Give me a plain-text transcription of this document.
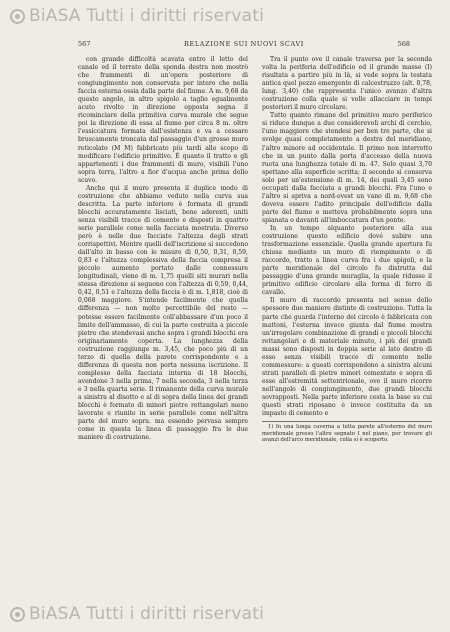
BiASA Tutti i diritti riservati
567	RELAZIONE SUI NUOVI SCAVI	568

con grande difficoltà scavata entro il letto del canale ed il terrato della sponda destra non mostrò che frammenti di un'opera posteriore di congiungimento non conservata per intero che nella faccia esterna ossia dalla parte del fiume. A m. 9,68 da questo angolo, in altro spigolo a taglio egualmente acuto rivolto in direzione opposta segna il ricominciare della primitiva curva murale che segue poi la direzione di essa al fiume per circa 8 m. oltre l'essiccatura formata dall'esistenza e va a cessare bruscamente troncata dal passaggio d'un grosso muro reticolato (M M) fabbricato più tardi allo scopo di modificare l'edificio primitivo. È quanto il tratto e gli appartenenti i due frammenti di muro, visibili l'uno sopra terra, l'altro a fior d'acqua anche prima dello scavo.

Anche qui il muro presenta il duplice modo di costruzione che abbiamo veduto nella curva sua descritta. La parte inferiore è formata di grandi blocchi accuratamente lisciati, bene aderenti, uniti senza visibili tracce di cemento e disposti in quattro serie parallele come nella facciata mostrata. Diverso però è nelle due facciate l'altezza degli strati corrispettivi. Mentre quelli dell'iscrizione si succedono dall'alto in basso con le misure di 0,50, 0,31, 0,59, 0,83 e l'altezza complessiva della faccia compresa il piccolo aumento portato dalle connessure longitudinali, viene di m. 1,75 quelli siti murari nella stessa direzione si seguono con l'altezza di 0,59, 0,44, 0,42, 0,51 e l'altezza della faccia è di m. 1,818, cioè di 0,068 maggiore. S'intende facilmente che quella differenza — non molto percettibile del resto — potesse essere facilmente coll'abbassare d'un poco il limite dell'ammasso, di cui la parte costruita a piccole pietre che stendevasi anche sopra i grandi blocchi era originariamente coperta. La lunghezza della costruzione raggiunge m. 3,45, che poco più di un terzo di quella della parete corrispondente e a differenza di questa non porta nessuna iscrizione. Il complesso della facciata interna di 18 blocchi, avendone 3 nella prima, 7 nella seconda, 3 nella terza e 3 nella quarta serie. Il rimanente della curva murale a sinistra al disotto e al di sopra della linea dei grandi blocchi è formato di minori pietre rettangolari meno lavorate e riunite in serie parallele come nell'altra parte del muro sopra. ma essendo pervasa sempre come in questa la linea di passaggio fra le due maniere di costruzione.

Tra il punto ove il canale traversa per la seconda volta la periferia dell'edificio ed il grande masso (I) risultata a partire più in là, si vede sopra la testata antica quel pezzo emergente di calcestruzzo (alt. 0,78, lung. 3,40) che rappresenta l'unico avanzo d'altra costruzione colla quale si volle allacciare in tempi posteriori il muro circolare.

Tutto quanto rimane del primitivo muro periferico si riduce dunque a due considerevoli archi di cerchio, l'uno maggiore che stendesi per ben tre parte, che si svolge quasi completamente a destra del meridiano, l'altro minore ad occidentale. Il primo non interrotto che in un punto dalla porta d'accesso della nuova ruota una lunghezza totale di m. 47. Solo quasi 3,70 spettano alla superficie scritta; il secondo si conserva solo per un'estensione di m. 14, dei quali 3,45 sono occupati dalla facciata a grandi blocchi. Fra l'uno e l'altro si apriva a nord-ovest un vano di m. 9,68 che doveva essere l'adito principale dell'edificio dalla parte del fiume e metteva probabilmente sopra una spianata o davanti all'imboccatura d'un ponte.

In un tempo alquanto posteriore alla sua costruzione questo edificio dové subire una trasformazione essenziale. Quella grande apertura fu chiusa mediante un muro di riempimento o di raccordo, tratto a linea curva fra i due spigoli, e la parte meridionale del circolo fu distrutta dal passaggio d'una grande muraglia, la quale ridusse il primitivo edificio circolare alla forma di ferro di cavallo.

Il muro di raccordo presenta nel senso dello spessore due maniere distinte di costruzione. Tutta la parte che guarda l'interno del circolo è fabbricata con mattoni, l'esterna invece giunta dal fiume mostra un'irregolare combinazione di grandi e piccoli blocchi rettangolari e di materiale minuto, i più dei grandi massi sono disposti in doppia serie al lato destro di esso senza visibili tracce di cemento nelle commessure: a questi corrispondono a sinistra alcuni strati paralleli di pietre minori cementate e sopra di esse all'estremità settentrionale, ove il muro ricorre nell'angolo di congiungimento, due grandi blocchi sovrapposti. Nella parte inferiore cesta la base su cui questi strati riposano è invece costituita da un impasto di cemento e

1) In una lunga caverna a tutta parete all'esterno del muro meridionale presso l'altro segnato I nel piano, per trovare gli avanzi dell'arco meridionale, colla sí è scoperto.

BiASA Tutti i diritti riservati
